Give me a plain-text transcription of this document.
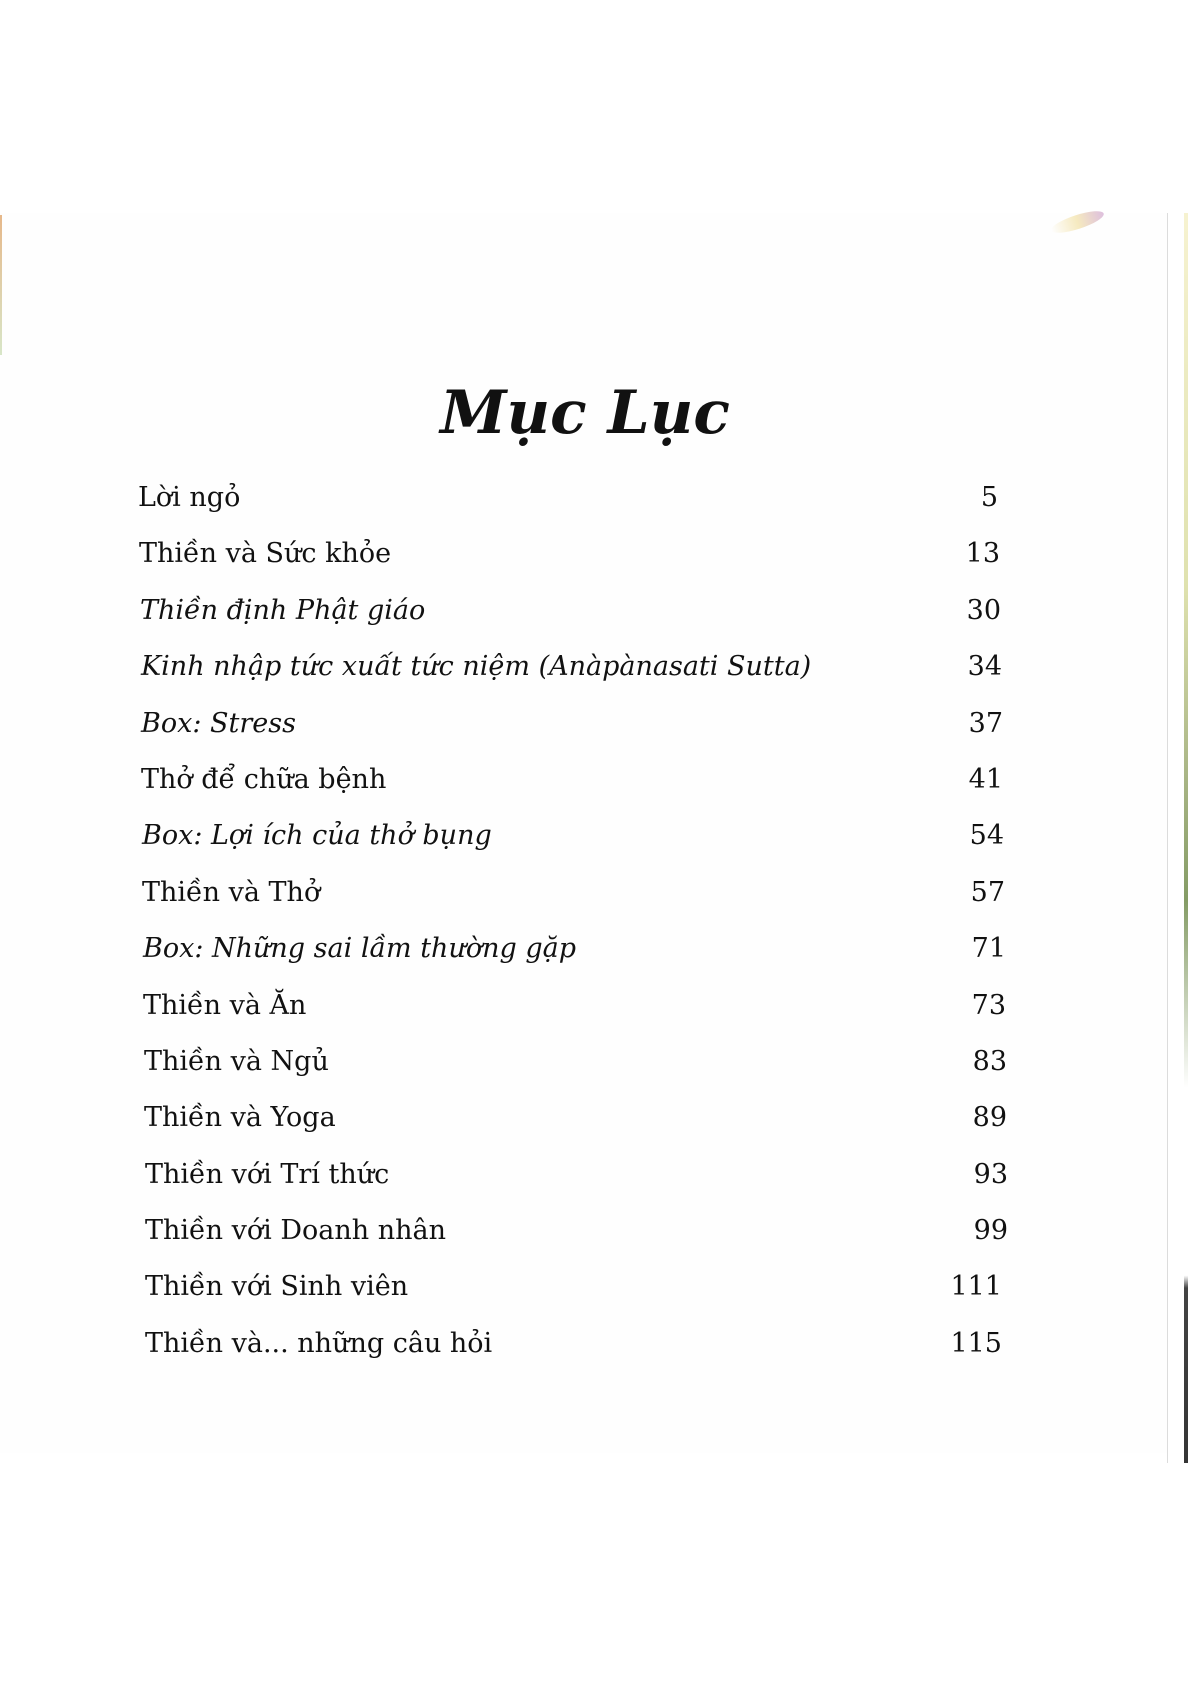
Mục Lục
Lời ngỏ	5
Thiền và Sức khỏe	13
Thiền định Phật giáo	30
Kinh nhập tức xuất tức niệm (Anàpànasati Sutta)	34
Box: Stress	37
Thở để chữa bệnh	41
Box: Lợi ích của thở bụng	54
Thiền và Thở	57
Box: Những sai lầm thường gặp	71
Thiền và Ăn	73
Thiền và Ngủ	83
Thiền và Yoga	89
Thiền với Trí thức	93
Thiền với Doanh nhân	99
Thiền với Sinh viên	111
Thiền và... những câu hỏi	115
